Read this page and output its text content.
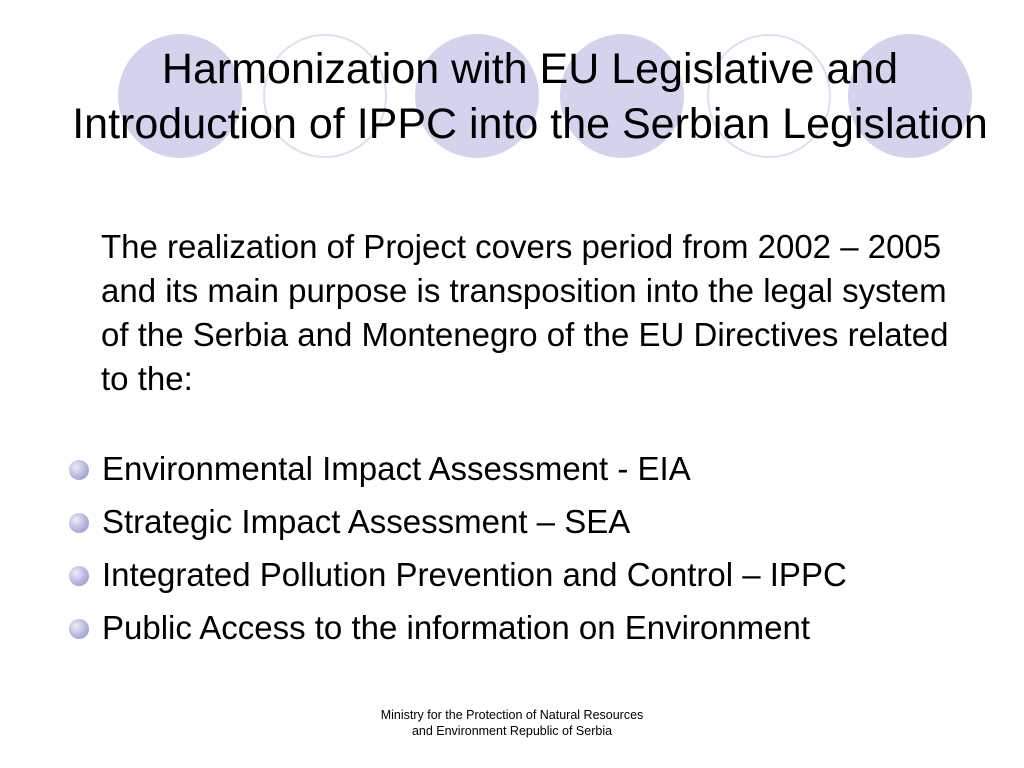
Harmonization with EU Legislative and Introduction of IPPC into the Serbian Legislation

The realization of Project covers period from 2002 – 2005 and its main purpose is transposition into the legal system of the Serbia and Montenegro of the EU Directives related to the:

Environmental Impact Assessment - EIA
Strategic Impact Assessment – SEA
Integrated Pollution Prevention and Control – IPPC
Public Access to the information on Environment
Ministry for the Protection of Natural Resources
and Environment Republic of Serbia
